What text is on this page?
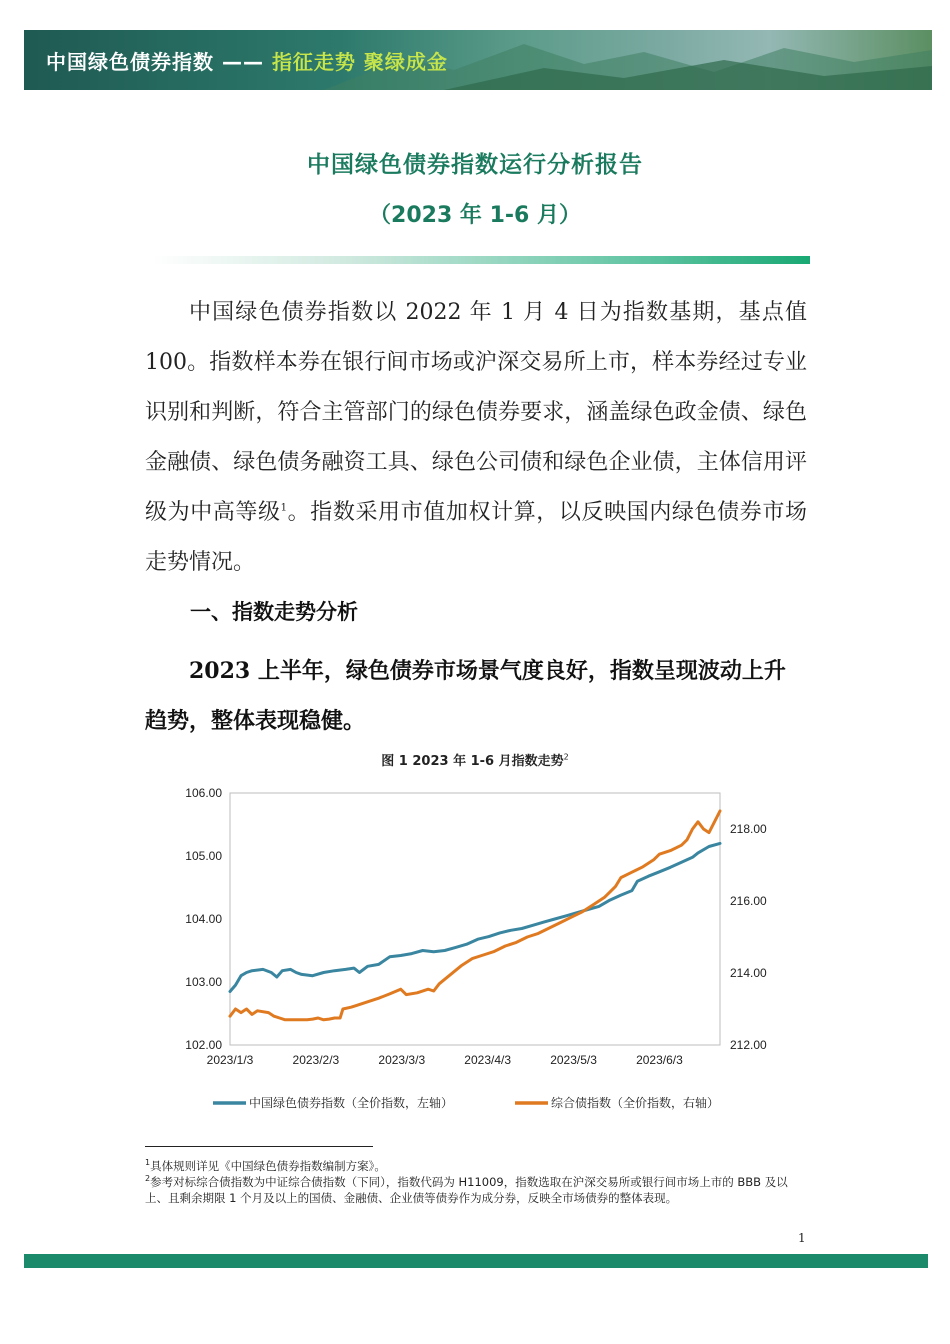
中国绿色债券指数 —— 指征走势 聚绿成金
中国绿色债券指数运行分析报告
（2023 年 1-6 月）
中国绿色债券指数以 2022 年 1 月 4 日为指数基期，基点值 100。指数样本券在银行间市场或沪深交易所上市，样本券经过专业识别和判断，符合主管部门的绿色债券要求，涵盖绿色政金债、绿色金融债、绿色债务融资工具、绿色公司债和绿色企业债，主体信用评级为中高等级$^1$。指数采用市值加权计算，以反映国内绿色债券市场走势情况。
一、指数走势分析
2023 上半年，绿色债券市场景气度良好，指数呈现波动上升趋势，整体表现稳健。
图 1 2023 年 1-6 月指数走势$^2$
102.00
103.00
104.00
105.00
106.00
212.00
214.00
216.00
218.00
2023/1/3	2023/2/3	2023/3/3	2023/4/3	2023/5/3	2023/6/3
中国绿色债券指数（全价指数，左轴）	综合债指数（全价指数，右轴）
$^1$具体规则详见《中国绿色债券指数编制方案》。
$^2$参考对标综合债指数为中证综合债指数（下同），指数代码为 H11009，指数选取在沪深交易所或银行间市场上市的 BBB 及以上、且剩余期限 1 个月及以上的国债、金融债、企业债等债券作为成分券，反映全市场债券的整体表现。
1
